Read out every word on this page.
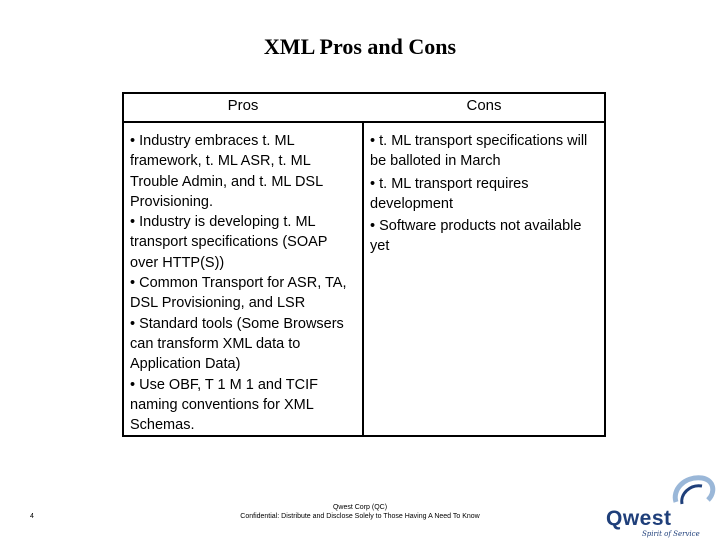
XML Pros and Cons
Pros	Cons

• Industry embraces t. ML framework, t. ML ASR, t. ML Trouble Admin, and t. ML DSL Provisioning.

• Industry is developing t. ML transport specifications (SOAP over HTTP(S))

• Common Transport for ASR, TA, DSL Provisioning, and LSR

• Standard tools (Some Browsers can transform XML data to Application Data)

• Use OBF, T 1 M 1 and TCIF naming conventions for XML Schemas.

• t. ML transport specifications will be balloted in March

• t. ML transport requires development

• Software products not available yet

4
Qwest Corp (QC)
Confidential: Distribute and Disclose Solely to Those Having A Need To Know	Qwest
Spirit of Service
